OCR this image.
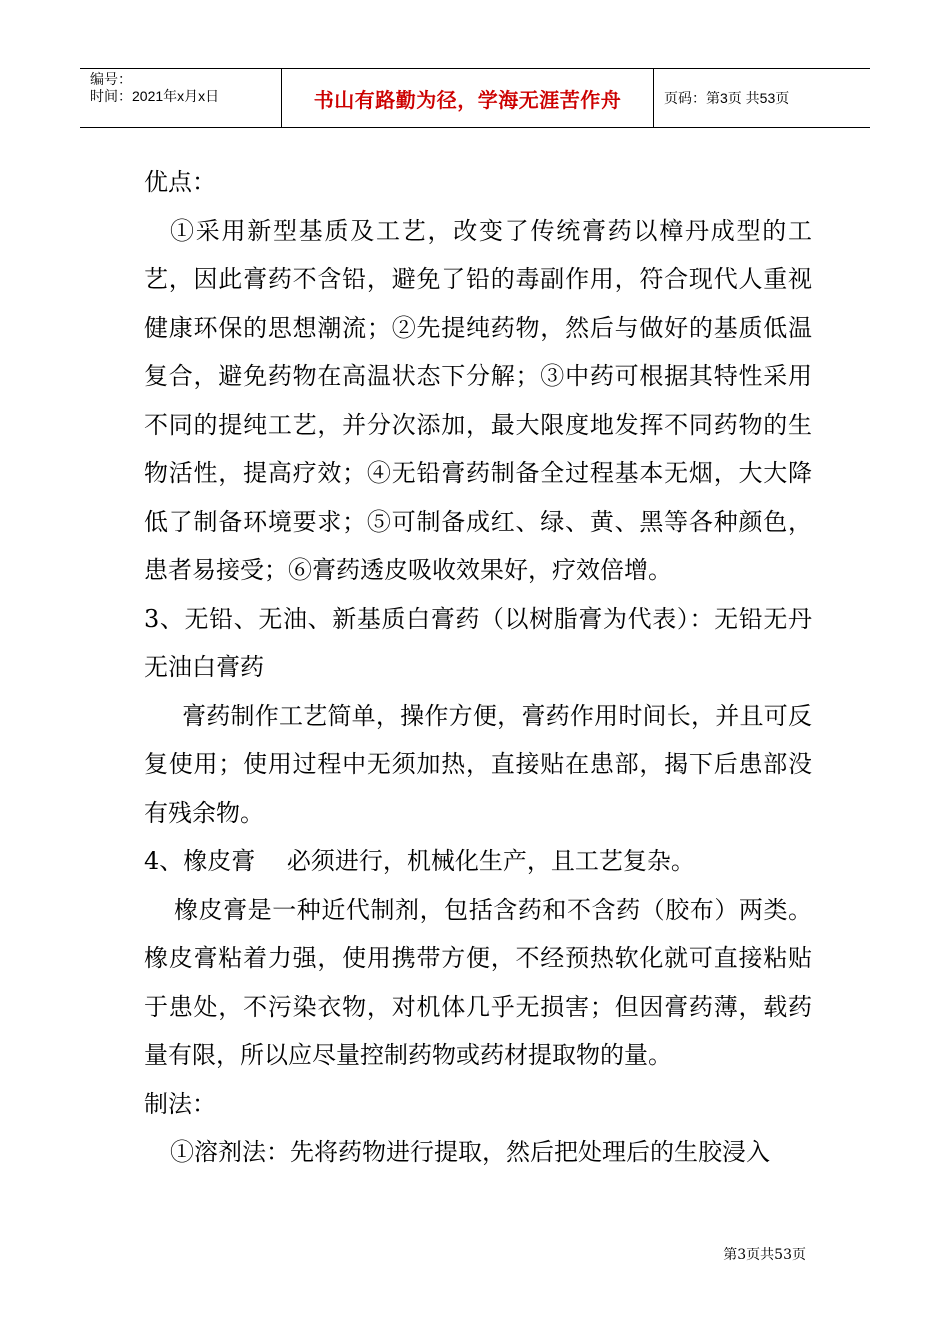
编号：
时间：2021年x月x日	书山有路勤为径，学海无涯苦作舟	页码：第3页 共53页

优点：

①采用新型基质及工艺，改变了传统膏药以樟丹成型的工艺，因此膏药不含铅，避免了铅的毒副作用，符合现代人重视健康环保的思想潮流；②先提纯药物，然后与做好的基质低温复合，避免药物在高温状态下分解；③中药可根据其特性采用不同的提纯工艺，并分次添加，最大限度地发挥不同药物的生物活性，提高疗效；④无铅膏药制备全过程基本无烟，大大降低了制备环境要求；⑤可制备成红、绿、黄、黑等各种颜色，患者易接受；⑥膏药透皮吸收效果好，疗效倍增。

3、无铅、无油、新基质白膏药（以树脂膏为代表）：无铅无丹无油白膏药

膏药制作工艺简单，操作方便，膏药作用时间长，并且可反复使用；使用过程中无须加热，直接贴在患部，揭下后患部没有残余物。

4、橡皮膏　 必须进行，机械化生产，且工艺复杂。

橡皮膏是一种近代制剂，包括含药和不含药（胶布）两类。橡皮膏粘着力强，使用携带方便，不经预热软化就可直接粘贴于患处，不污染衣物，对机体几乎无损害；但因膏药薄，载药量有限，所以应尽量控制药物或药材提取物的量。

制法：

①溶剂法：先将药物进行提取，然后把处理后的生胶浸入

第3页共53页
